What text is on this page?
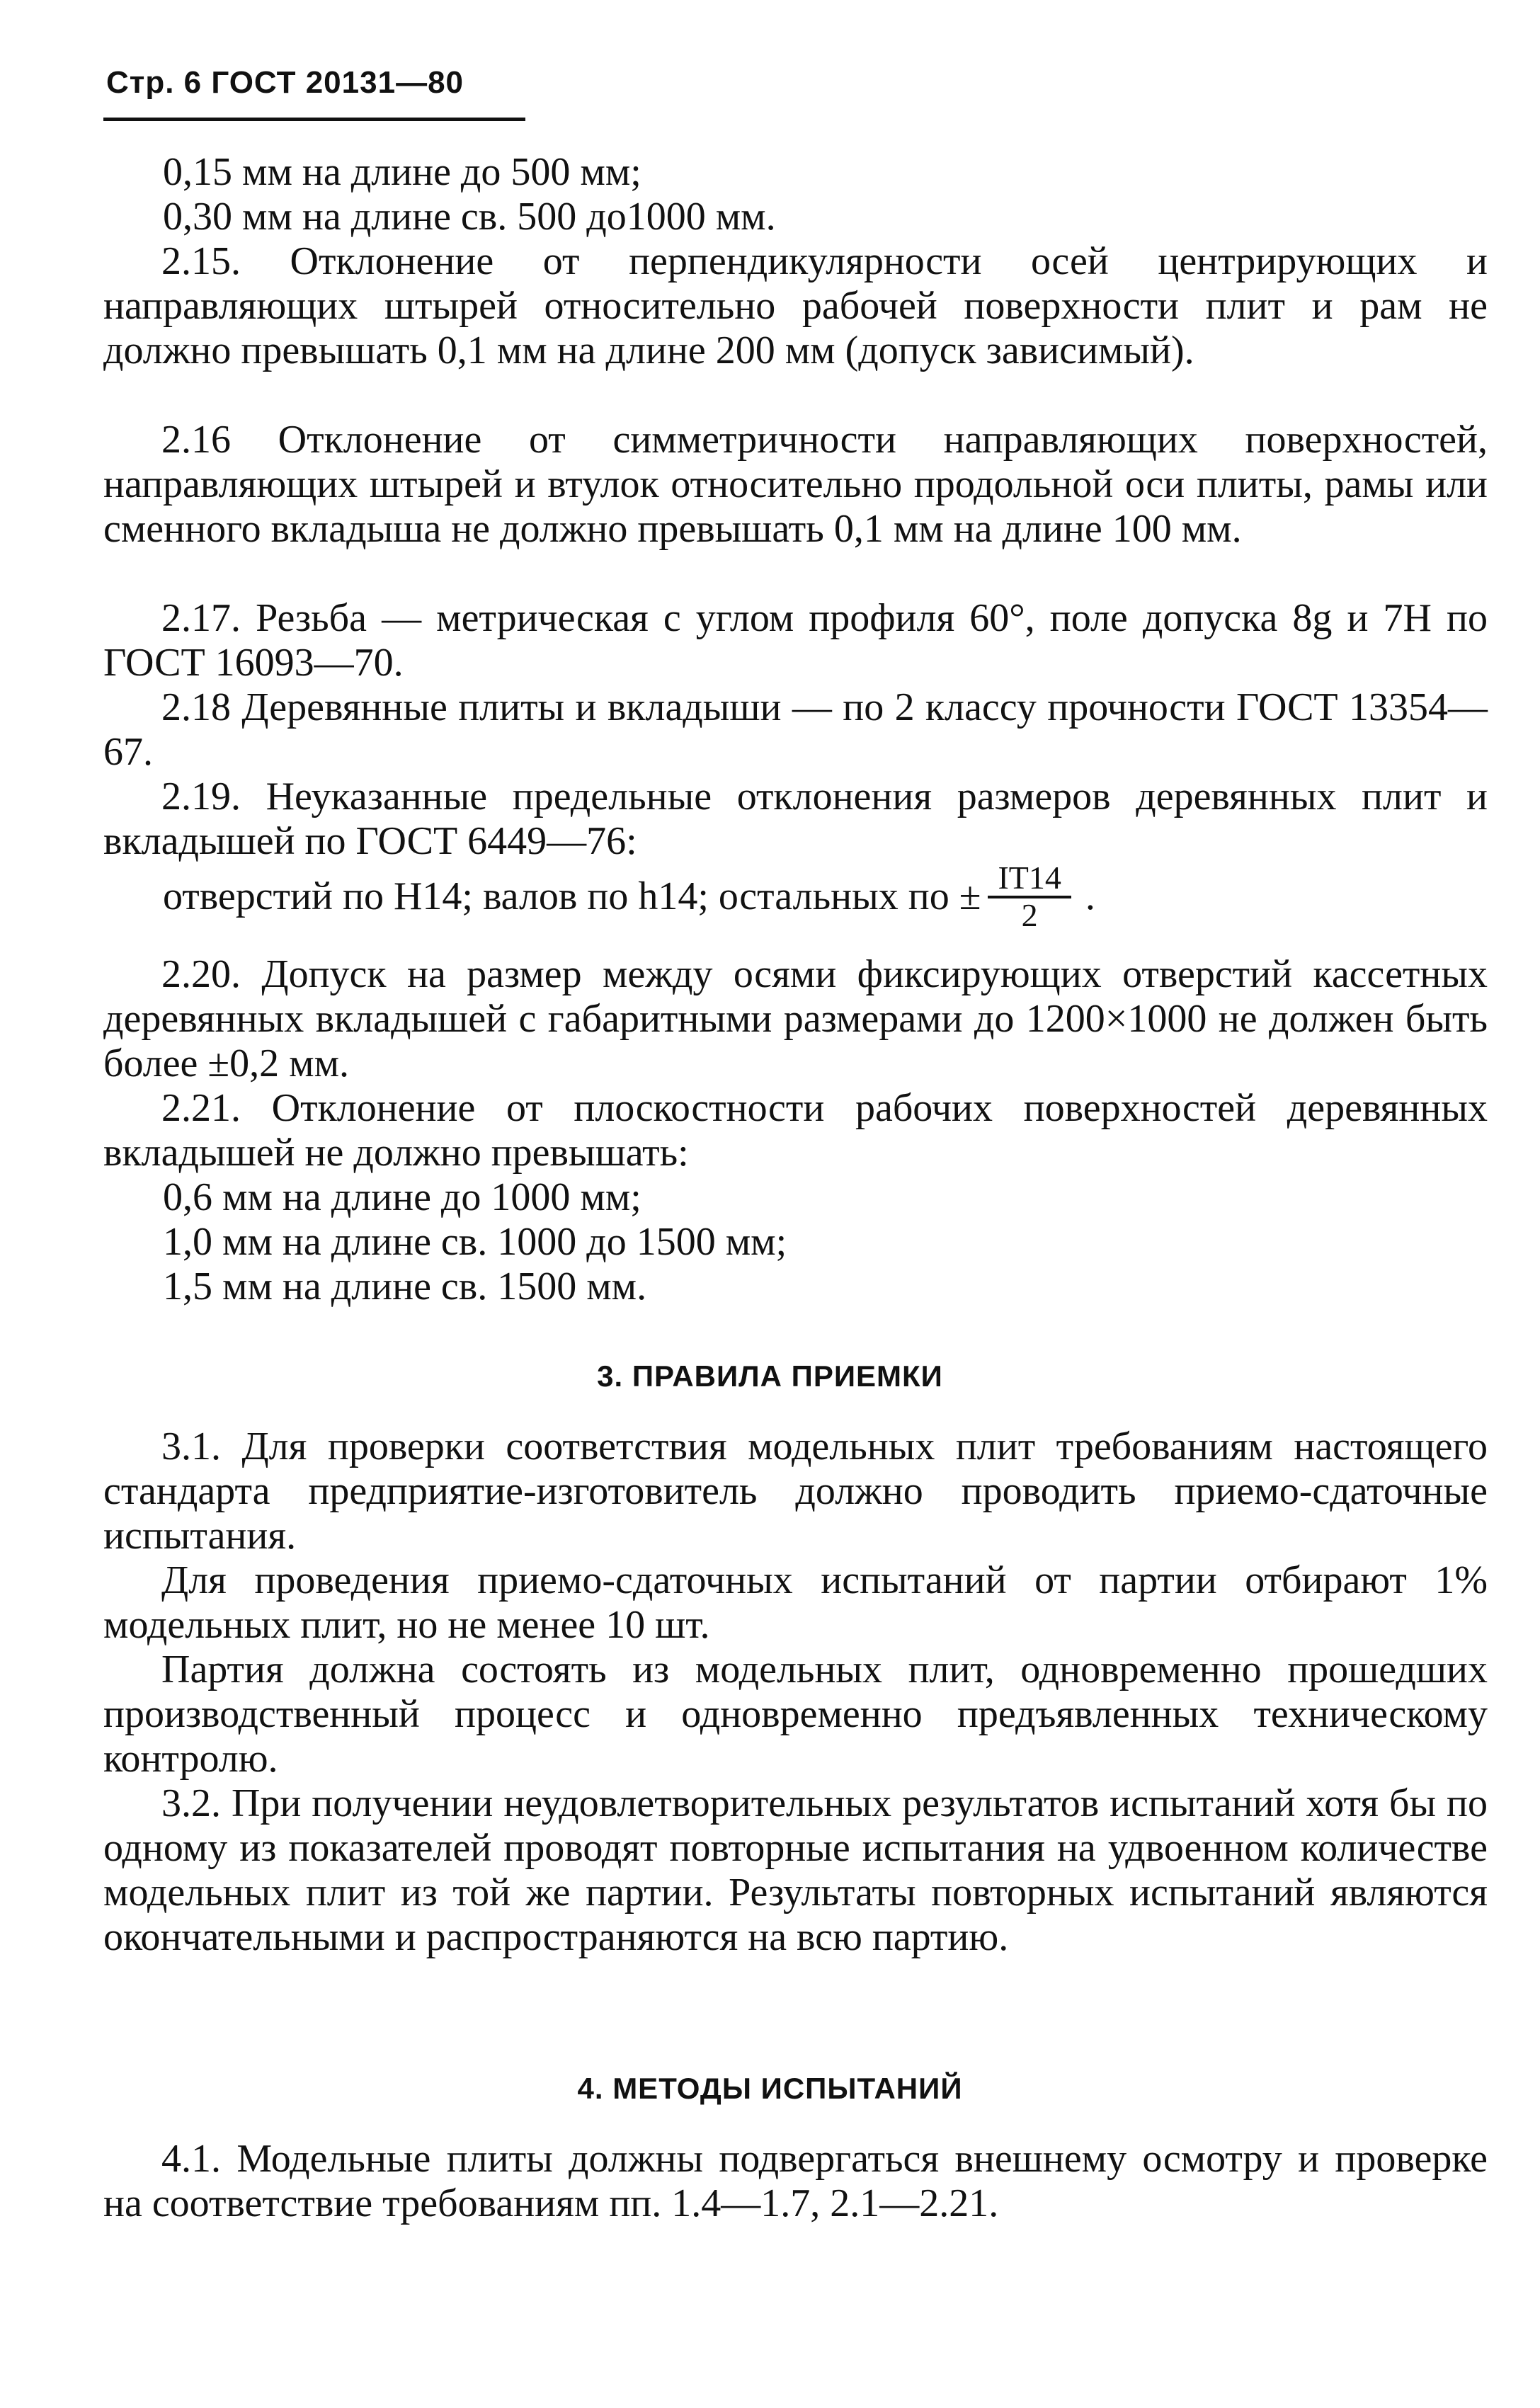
Стр. 6 ГОСТ 20131—80

0,15 мм на длине до 500 мм;

0,30 мм на длине св. 500 до1000 мм.

2.15. Отклонение от перпендикулярности осей центрирующих и направляющих штырей относительно рабочей поверхности плит и рам не должно превышать 0,1 мм на длине 200 мм (допуск зависимый).

2.16 Отклонение от симметричности направляющих поверхностей, направляющих штырей и втулок относительно продольной оси плиты, рамы или сменного вкладыша не должно превышать 0,1 мм на длине 100 мм.

2.17. Резьба — метрическая с углом профиля 60°, поле допуска 8g и 7H по ГОСТ 16093—70.

2.18 Деревянные плиты и вкладыши — по 2 классу прочности ГОСТ 13354—67.

2.19. Неуказанные предельные отклонения размеров деревянных плит и вкладышей по ГОСТ 6449—76:

отверстий по H14; валов по h14; остальных по ± $\frac{IT14}{2}$ .

2.20. Допуск на размер между осями фиксирующих отверстий кассетных деревянных вкладышей с габаритными размерами до 1200×1000 не должен быть более ±0,2 мм.

2.21. Отклонение от плоскостности рабочих поверхностей деревянных вкладышей не должно превышать:

0,6 мм на длине до 1000 мм;

1,0 мм на длине св. 1000 до 1500 мм;

1,5 мм на длине св. 1500 мм.

3. ПРАВИЛА ПРИЕМКИ

3.1. Для проверки соответствия модельных плит требованиям настоящего стандарта предприятие-изготовитель должно проводить приемо-сдаточные испытания.

Для проведения приемо-сдаточных испытаний от партии отбирают 1% модельных плит, но не менее 10 шт.

Партия должна состоять из модельных плит, одновременно прошедших производственный процесс и одновременно предъявленных техническому контролю.

3.2. При получении неудовлетворительных результатов испытаний хотя бы по одному из показателей проводят повторные испытания на удвоенном количестве модельных плит из той же партии. Результаты повторных испытаний являются окончательными и распространяются на всю партию.

4. МЕТОДЫ ИСПЫТАНИЙ

4.1. Модельные плиты должны подвергаться внешнему осмотру и проверке на соответствие требованиям пп. 1.4—1.7, 2.1—2.21.
